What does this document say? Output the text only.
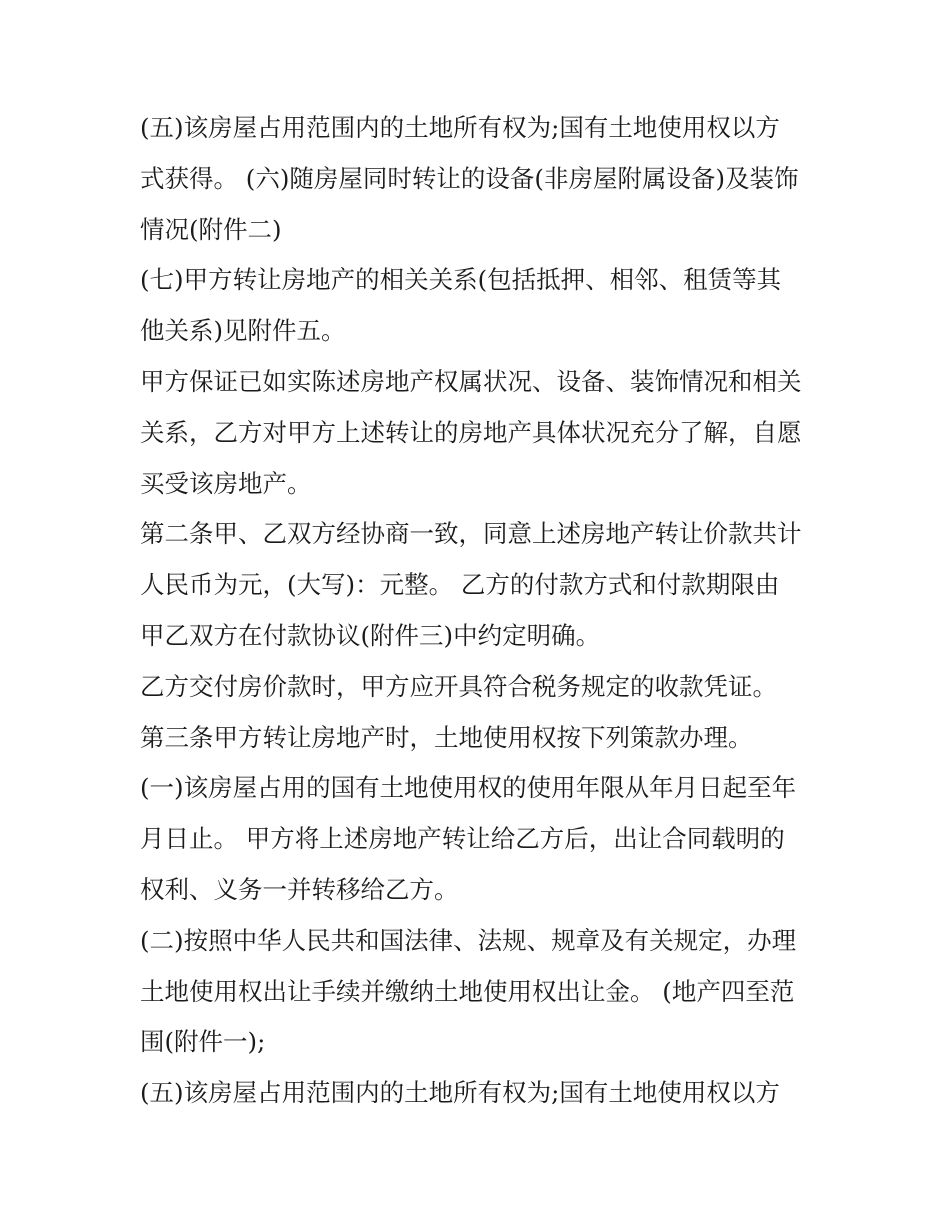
(五)该房屋占用范围内的土地所有权为;国有土地使用权以方
式获得。 (六)随房屋同时转让的设备(非房屋附属设备)及装饰
情况(附件二)

(七)甲方转让房地产的相关关系(包括抵押、相邻、租赁等其
他关系)见附件五。

甲方保证已如实陈述房地产权属状况、设备、装饰情况和相关
关系，乙方对甲方上述转让的房地产具体状况充分了解，自愿
买受该房地产。

第二条甲、乙双方经协商一致，同意上述房地产转让价款共计
人民币为元，(大写)：元整。 乙方的付款方式和付款期限由
甲乙双方在付款协议(附件三)中约定明确。

乙方交付房价款时，甲方应开具符合税务规定的收款凭证。

第三条甲方转让房地产时，土地使用权按下列策款办理。

(一)该房屋占用的国有土地使用权的使用年限从年月日起至年
月日止。 甲方将上述房地产转让给乙方后，出让合同载明的
权利、义务一并转移给乙方。

(二)按照中华人民共和国法律、法规、规章及有关规定，办理
土地使用权出让手续并缴纳土地使用权出让金。 (地产四至范
围(附件一);

(五)该房屋占用范围内的土地所有权为;国有土地使用权以方
